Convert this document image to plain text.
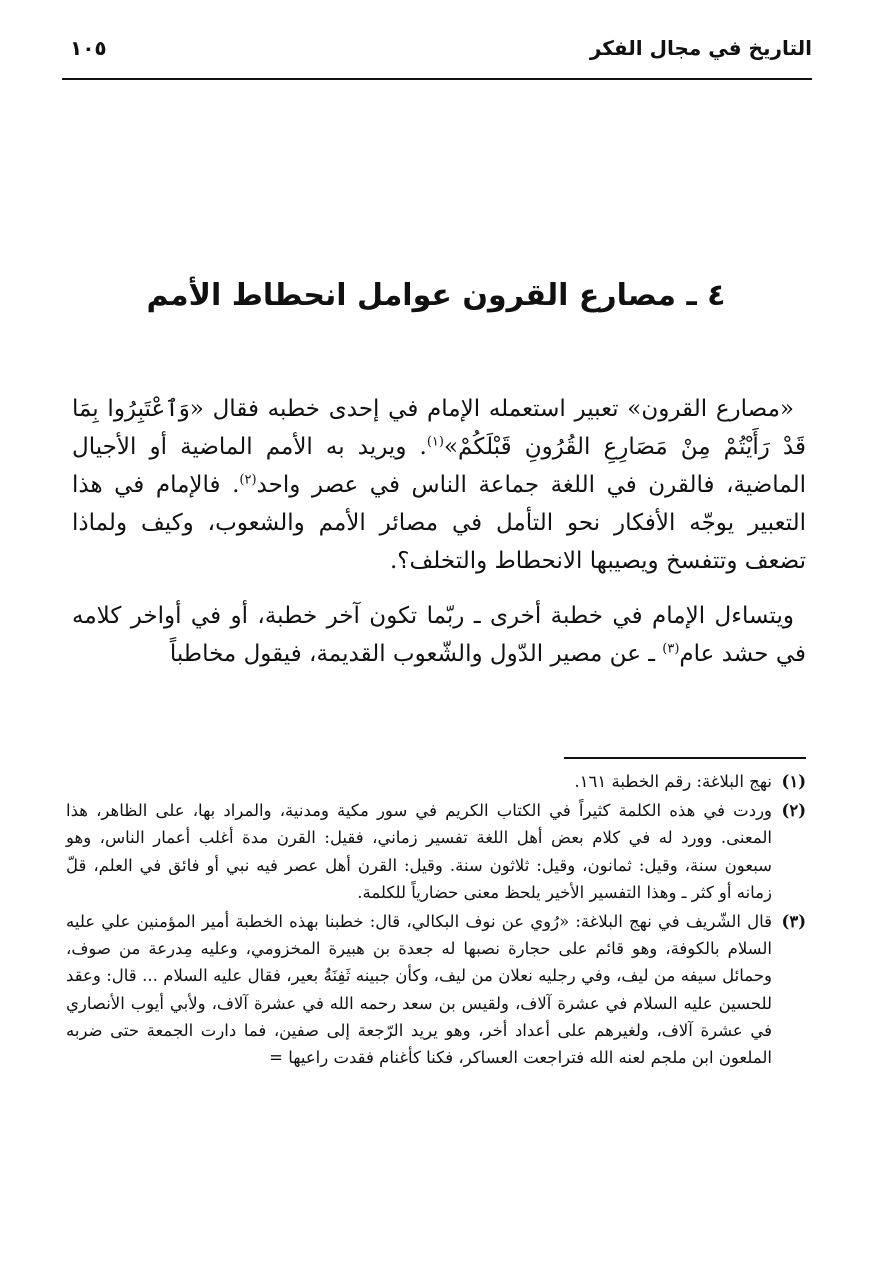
التاريخ في مجال الفكر
١٠٥
٤ ـ مصارع القرون عوامل انحطاط الأمم

«مصارع القرون» تعبير استعمله الإمام في إحدى خطبه فقال «وَٱعْتَبِرُوا بِمَا قَدْ رَأَيْتُمْ مِنْ مَصَارِعِ القُرُونِ قَبْلَكُمْ»$^{(١)}$. ويريد به الأمم الماضية أو الأجيال الماضية، فالقرن في اللغة جماعة الناس في عصر واحد$^{(٢)}$. فالإمام في هذا التعبير يوجّه الأفكار نحو التأمل في مصائر الأمم والشعوب، وكيف ولماذا تضعف وتتفسخ ويصيبها الانحطاط والتخلف؟.

ويتساءل الإمام في خطبة أخرى ـ ربّما تكون آخر خطبة، أو في أواخر كلامه في حشد عام$^{(٣)}$ ـ عن مصير الدّول والشّعوب القديمة، فيقول مخاطباً

(١)
نهج البلاغة: رقم الخطبة ١٦١.
(٢)
وردت في هذه الكلمة كثيراً في الكتاب الكريم في سور مكية ومدنية، والمراد بها، على الظاهر، هذا المعنى. وورد له في كلام بعض أهل اللغة تفسير زماني، فقيل: القرن مدة أغلب أعمار الناس، وهو سبعون سنة، وقيل: ثمانون، وقيل: ثلاثون سنة. وقيل: القرن أهل عصر فيه نبي أو فائق في العلم، قلّ زمانه أو كثر ـ وهذا التفسير الأخير يلحظ معنى حضارياً للكلمة.
(٣)
قال الشّريف في نهج البلاغة: «رُوي عن نوف البكالي، قال: خطبنا بهذه الخطبة أمير المؤمنين علي عليه السلام بالكوفة، وهو قائم على حجارة نصبها له جعدة بن هبيرة المخزومي، وعليه مِدرعة من صوف، وحمائل سيفه من ليف، وفي رجليه نعلان من ليف، وكأن جبينه ثَفِنَةُ بعير، فقال عليه السلام ... قال: وعقد للحسين عليه السلام في عشرة آلاف، ولقيس بن سعد رحمه الله في عشرة آلاف، ولأبي أيوب الأنصاري في عشرة آلاف، ولغيرهم على أعداد أخر، وهو يريد الرّجعة إلى صفين، فما دارت الجمعة حتى ضربه الملعون ابن ملجم لعنه الله فتراجعت العساكر، فكنا كأغنام فقدت راعيها =
